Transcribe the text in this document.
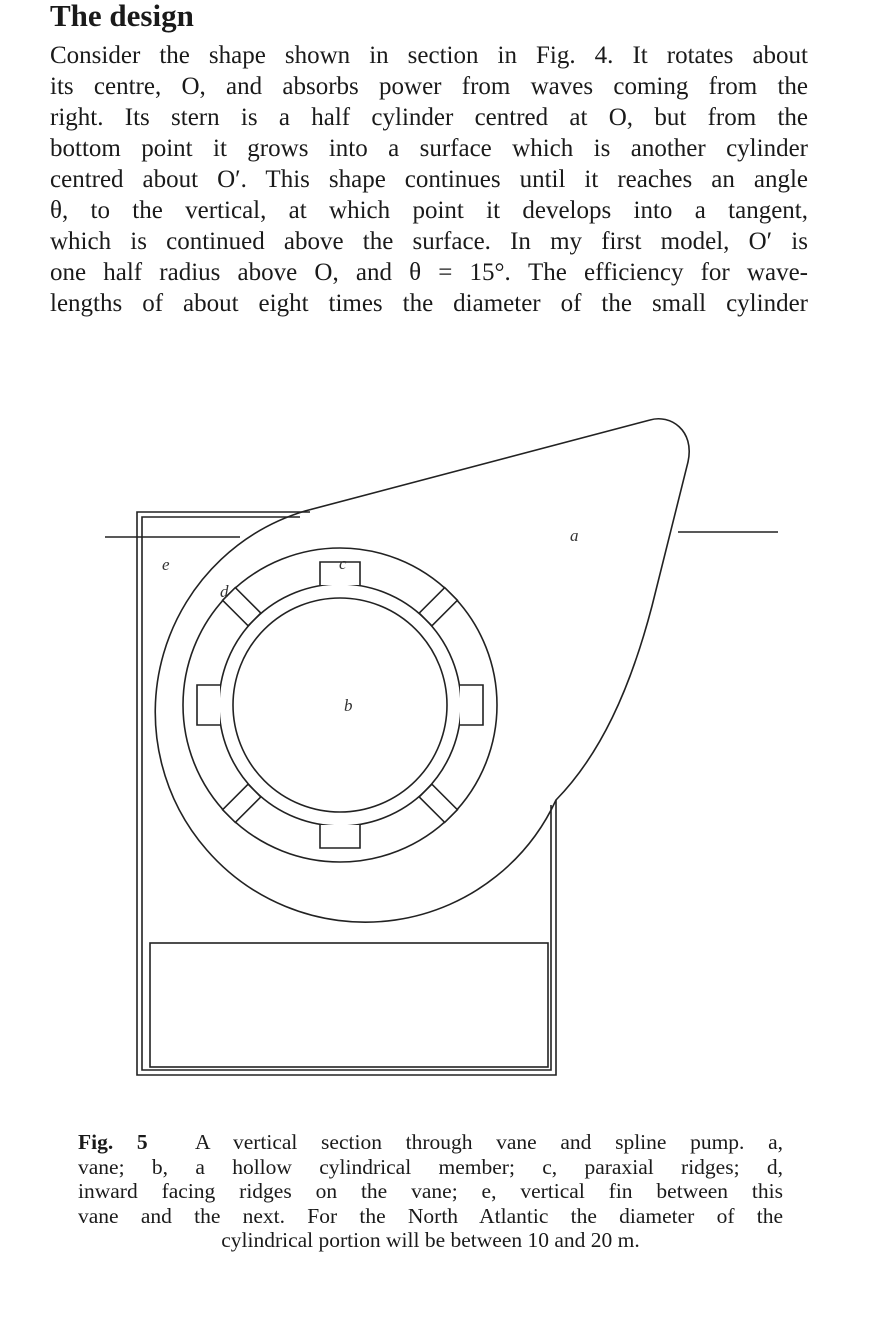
The design
Consider the shape shown in section in Fig. 4. It rotates about
its centre, O, and absorbs power from waves coming from the
right. Its stern is a half cylinder centred at O, but from the
bottom point it grows into a surface which is another cylinder
centred about O′. This shape continues until it reaches an angle
θ, to the vertical, at which point it develops into a tangent,
which is continued above the surface. In my first model, O′ is
one half radius above O, and θ = 15°. The efficiency for wave-
lengths of about eight times the diameter of the small cylinder
a
b
c
d
e
Fig. 5 A vertical section through vane and spline pump. a,
vane; b, a hollow cylindrical member; c, paraxial ridges; d,
inward facing ridges on the vane; e, vertical fin between this
vane and the next. For the North Atlantic the diameter of the
cylindrical portion will be between 10 and 20 m.
